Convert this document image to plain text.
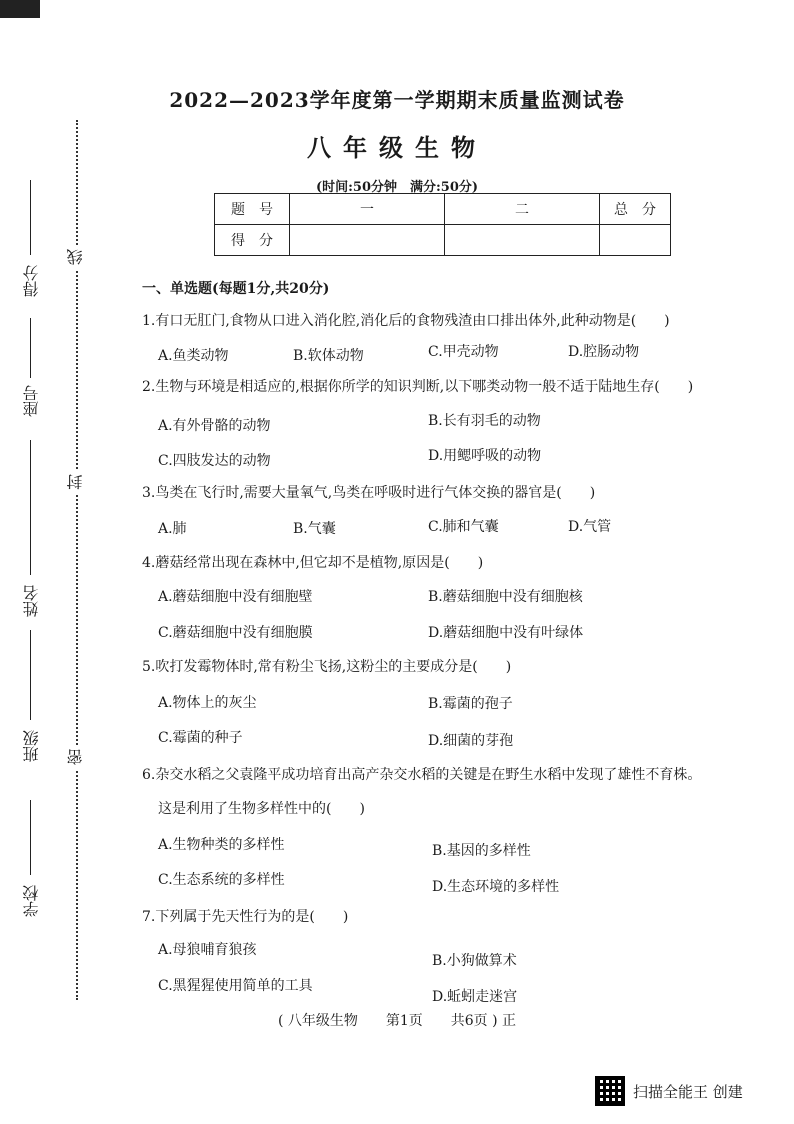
学校
班级
姓名
座号
得分
密
封
线
2022—2023学年度第一学期期末质量监测试卷
八年级生物
(时间:50分钟　满分:50分)
题　号	一	二	总　分
得　分			
一、单选题(每题1分,共20分)
1.有口无肛门,食物从口进入消化腔,消化后的食物残渣由口排出体外,此种动物是(　　)
A.鱼类动物	B.软体动物	C.甲壳动物	D.腔肠动物
2.生物与环境是相适应的,根据你所学的知识判断,以下哪类动物一般不适于陆地生存(　　)
A.有外骨骼的动物	B.长有羽毛的动物
C.四肢发达的动物	D.用鳃呼吸的动物
3.鸟类在飞行时,需要大量氧气,鸟类在呼吸时进行气体交换的器官是(　　)
A.肺	B.气囊	C.肺和气囊	D.气管
4.蘑菇经常出现在森林中,但它却不是植物,原因是(　　)
A.蘑菇细胞中没有细胞壁	B.蘑菇细胞中没有细胞核
C.蘑菇细胞中没有细胞膜	D.蘑菇细胞中没有叶绿体
5.吹打发霉物体时,常有粉尘飞扬,这粉尘的主要成分是(　　)
A.物体上的灰尘	B.霉菌的孢子
C.霉菌的种子	D.细菌的芽孢
6.杂交水稻之父袁隆平成功培育出高产杂交水稻的关键是在野生水稻中发现了雄性不育株。
这是利用了生物多样性中的(　　)
A.生物种类的多样性	B.基因的多样性
C.生态系统的多样性	D.生态环境的多样性
7.下列属于先天性行为的是(　　)
A.母狼哺育狼孩
B.小狗做算术
C.黑猩猩使用简单的工具
D.蚯蚓走迷宫
( 八年级生物　　第1页　　共6页 ) 正
扫描全能王 创建
